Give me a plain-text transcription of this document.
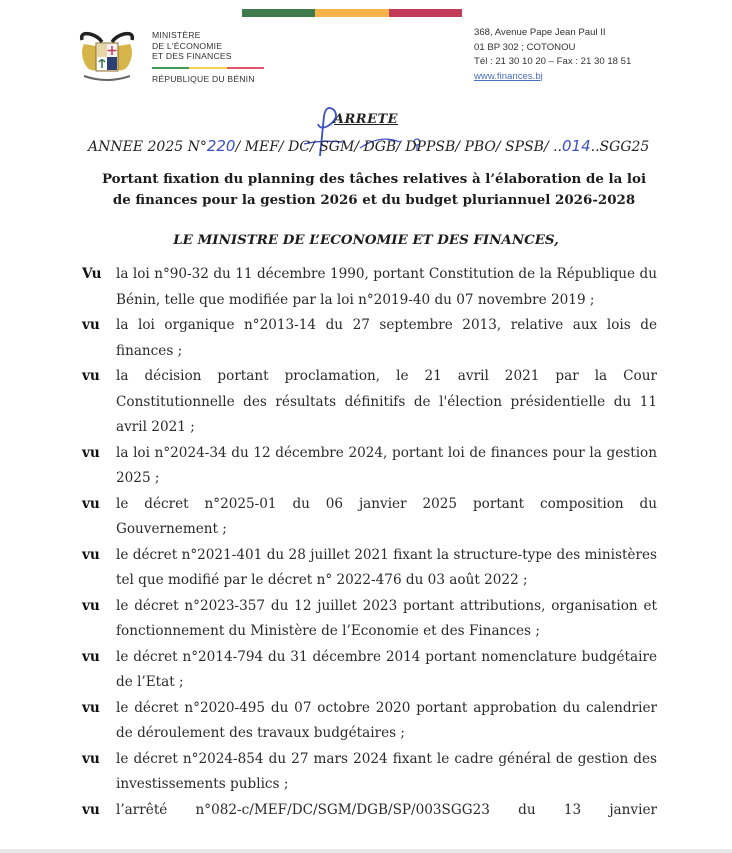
MINISTÈRE
DE L'ÉCONOMIE
ET DES FINANCES
RÉPUBLIQUE DU BÉNIN
368, Avenue Pape Jean Paul II
01 BP 302 ; COTONOU
Tél : 21 30 10 20 – Fax : 21 30 18 51
www.finances.bj
ARRETE
ANNEE 2025 N°220/ MEF/ DC/ SGM/ DGB/ DPPSB/ PBO/ SPSB/ ..014..SGG25
Portant fixation du planning des tâches relatives à l’élaboration de la loi de finances pour la gestion 2026 et du budget pluriannuel 2026-2028
LE MINISTRE DE L’ECONOMIE ET DES FINANCES,
Vu	la loi n°90-32 du 11 décembre 1990, portant Constitution de la République du Bénin, telle que modifiée par la loi n°2019-40 du 07 novembre 2019 ;
vu	la loi organique n°2013-14 du 27 septembre 2013, relative aux lois de finances ;
vu	la décision portant proclamation, le 21 avril 2021 par la Cour Constitutionnelle des résultats définitifs de l'élection présidentielle du 11 avril 2021 ;
vu	la loi n°2024-34 du 12 décembre 2024, portant loi de finances pour la gestion 2025 ;
vu	le décret n°2025-01 du 06 janvier 2025 portant composition du Gouvernement ;
vu	le décret n°2021-401 du 28 juillet 2021 fixant la structure-type des ministères tel que modifié par le décret n° 2022-476 du 03 août 2022 ;
vu	le décret n°2023-357 du 12 juillet 2023 portant attributions, organisation et fonctionnement du Ministère de l’Economie et des Finances ;
vu	le décret n°2014-794 du 31 décembre 2014 portant nomenclature budgétaire de l’Etat ;
vu	le décret n°2020-495 du 07 octobre 2020 portant approbation du calendrier de déroulement des travaux budgétaires ;
vu	le décret n°2024-854 du 27 mars 2024 fixant le cadre général de gestion des investissements publics ;
vu	l’arrêté n°082-c/MEF/DC/SGM/DGB/SP/003SGG23 du 13 janvier
